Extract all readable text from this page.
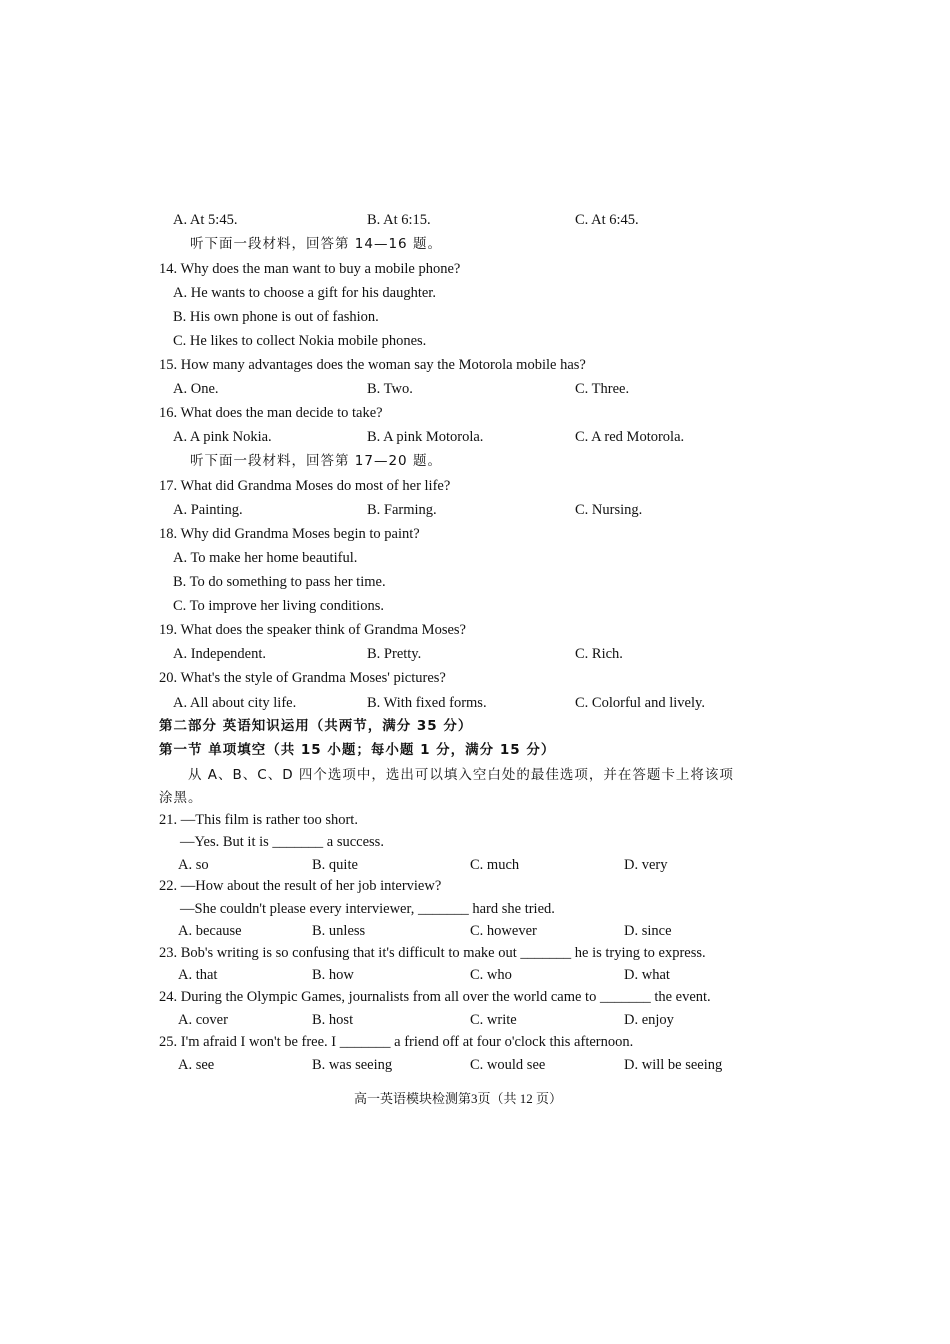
A. At 5:45.	B. At 6:15.	C. At 6:45.
听下面一段材料，回答第 14—16 题。
14. Why does the man want to buy a mobile phone?
A. He wants to choose a gift for his daughter.
B. His own phone is out of fashion.
C. He likes to collect Nokia mobile phones.
15. How many advantages does the woman say the Motorola mobile has?
A. One.	B. Two.	C. Three.
16. What does the man decide to take?
A. A pink Nokia.	B. A pink Motorola.	C. A red Motorola.
听下面一段材料，回答第 17—20 题。
17. What did Grandma Moses do most of her life?
A. Painting.	B. Farming.	C. Nursing.
18. Why did Grandma Moses begin to paint?
A. To make her home beautiful.
B. To do something to pass her time.
C. To improve her living conditions.
19. What does the speaker think of Grandma Moses?
A. Independent.	B. Pretty.	C. Rich.
20. What's the style of Grandma Moses' pictures?
A. All about city life.	B. With fixed forms.	C. Colorful and lively.
第二部分 英语知识运用（共两节，满分 35 分）
第一节 单项填空（共 15 小题；每小题 1 分，满分 15 分）
从 A、B、C、D 四个选项中，选出可以填入空白处的最佳选项，并在答题卡上将该项
涂黑。
21. —This film is rather too short.
—Yes. But it is _______ a success.
A. so	B. quite	C. much	D. very
22. —How about the result of her job interview?
—She couldn't please every interviewer, _______ hard she tried.
A. because	B. unless	C. however	D. since
23. Bob's writing is so confusing that it's difficult to make out _______ he is trying to express.
A. that	B. how	C. who	D. what
24. During the Olympic Games, journalists from all over the world came to _______ the event.
A. cover	B. host	C. write	D. enjoy
25. I'm afraid I won't be free. I _______ a friend off at four o'clock this afternoon.
A. see	B. was seeing	C. would see	D. will be seeing
高一英语模块检测第3页（共 12 页）
